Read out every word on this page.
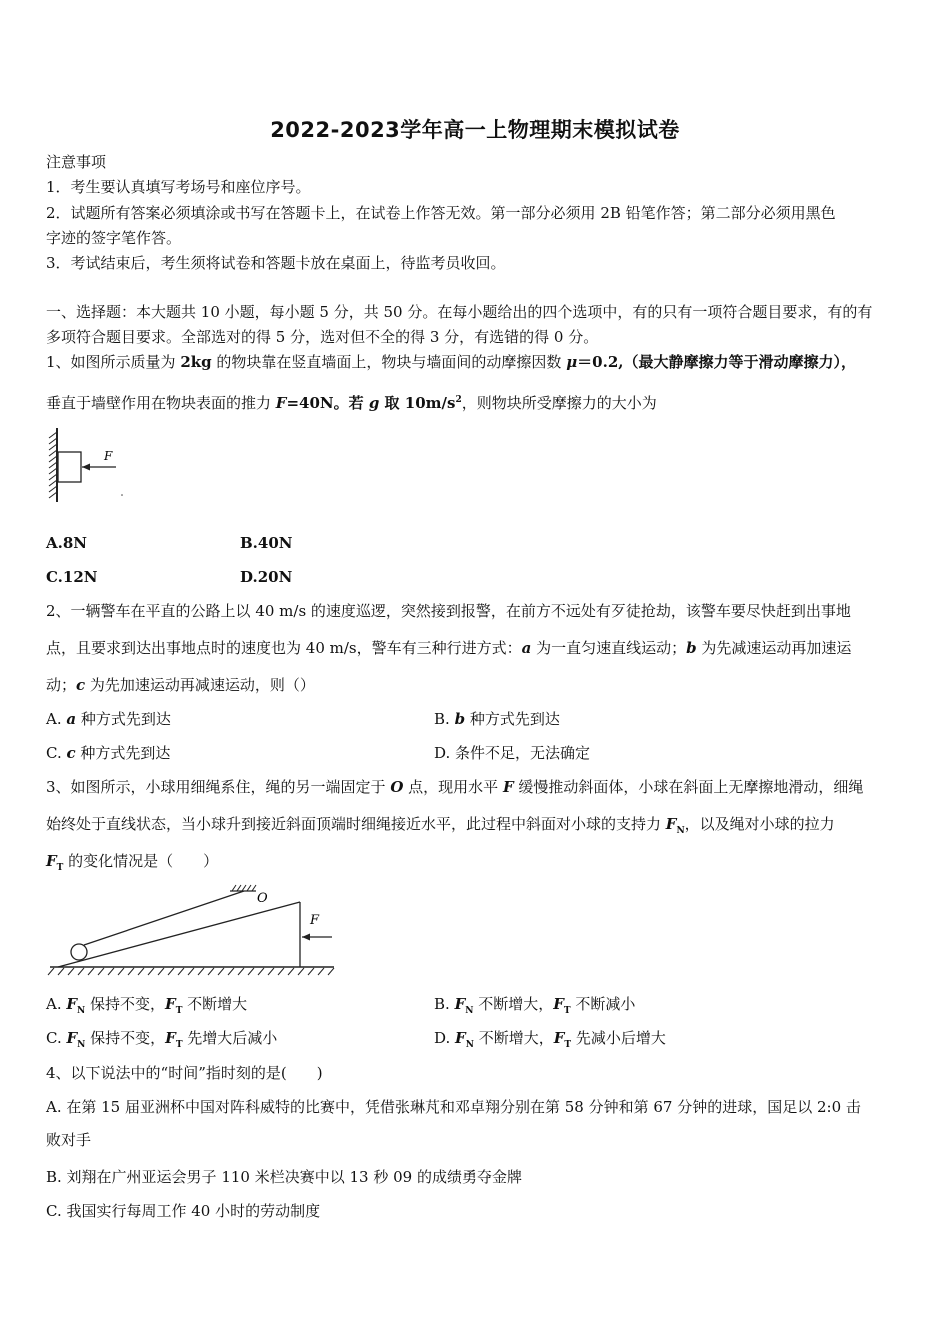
2022-2023学年高一上物理期末模拟试卷
注意事项
1．考生要认真填写考场号和座位序号。
2．试题所有答案必须填涂或书写在答题卡上，在试卷上作答无效。第一部分必须用 2B 铅笔作答；第二部分必须用黑色
字迹的签字笔作答。
3．考试结束后，考生须将试卷和答题卡放在桌面上，待监考员收回。
一、选择题：本大题共 10 小题，每小题 5 分，共 50 分。在每小题给出的四个选项中，有的只有一项符合题目要求，有的有
多项符合题目要求。全部选对的得 5 分，选对但不全的得 3 分，有选错的得 0 分。
1、如图所示质量为 2kg 的物块靠在竖直墙面上，物块与墙面间的动摩擦因数 μ＝0.2,（最大静摩擦力等于滑动摩擦力），
垂直于墙壁作用在物块表面的推力 F=40N。若 g 取 $10m/s^2$，则物块所受摩擦力的大小为
F
A.8N	B.40N
C.12N	D.20N
2、一辆警车在平直的公路上以 40 m/s 的速度巡逻，突然接到报警，在前方不远处有歹徒抢劫，该警车要尽快赶到出事地
点，且要求到达出事地点时的速度也为 40 m/s，警车有三种行进方式：a 为一直匀速直线运动；b 为先减速运动再加速运
动；c 为先加速运动再减速运动，则（）
A. a 种方式先到达	B. b 种方式先到达
C. c 种方式先到达	D. 条件不足，无法确定
3、如图所示，小球用细绳系住，绳的另一端固定于 O 点，现用水平 F 缓慢推动斜面体，小球在斜面上无摩擦地滑动，细绳
始终处于直线状态，当小球升到接近斜面顶端时细绳接近水平，此过程中斜面对小球的支持力 $F_N$，以及绳对小球的拉力
$F_T$ 的变化情况是（　　）
O
F
A. $F_N$ 保持不变，$F_T$ 不断增大	B. $F_N$ 不断增大，$F_T$ 不断减小
C. $F_N$ 保持不变，$F_T$ 先增大后减小	D. $F_N$ 不断增大，$F_T$ 先减小后增大
4、以下说法中的“时间”指时刻的是(　　)
A. 在第 15 届亚洲杯中国对阵科威特的比赛中，凭借张琳芃和邓卓翔分别在第 58 分钟和第 67 分钟的进球，国足以 2:0 击
败对手
B. 刘翔在广州亚运会男子 110 米栏决赛中以 13 秒 09 的成绩勇夺金牌
C. 我国实行每周工作 40 小时的劳动制度
